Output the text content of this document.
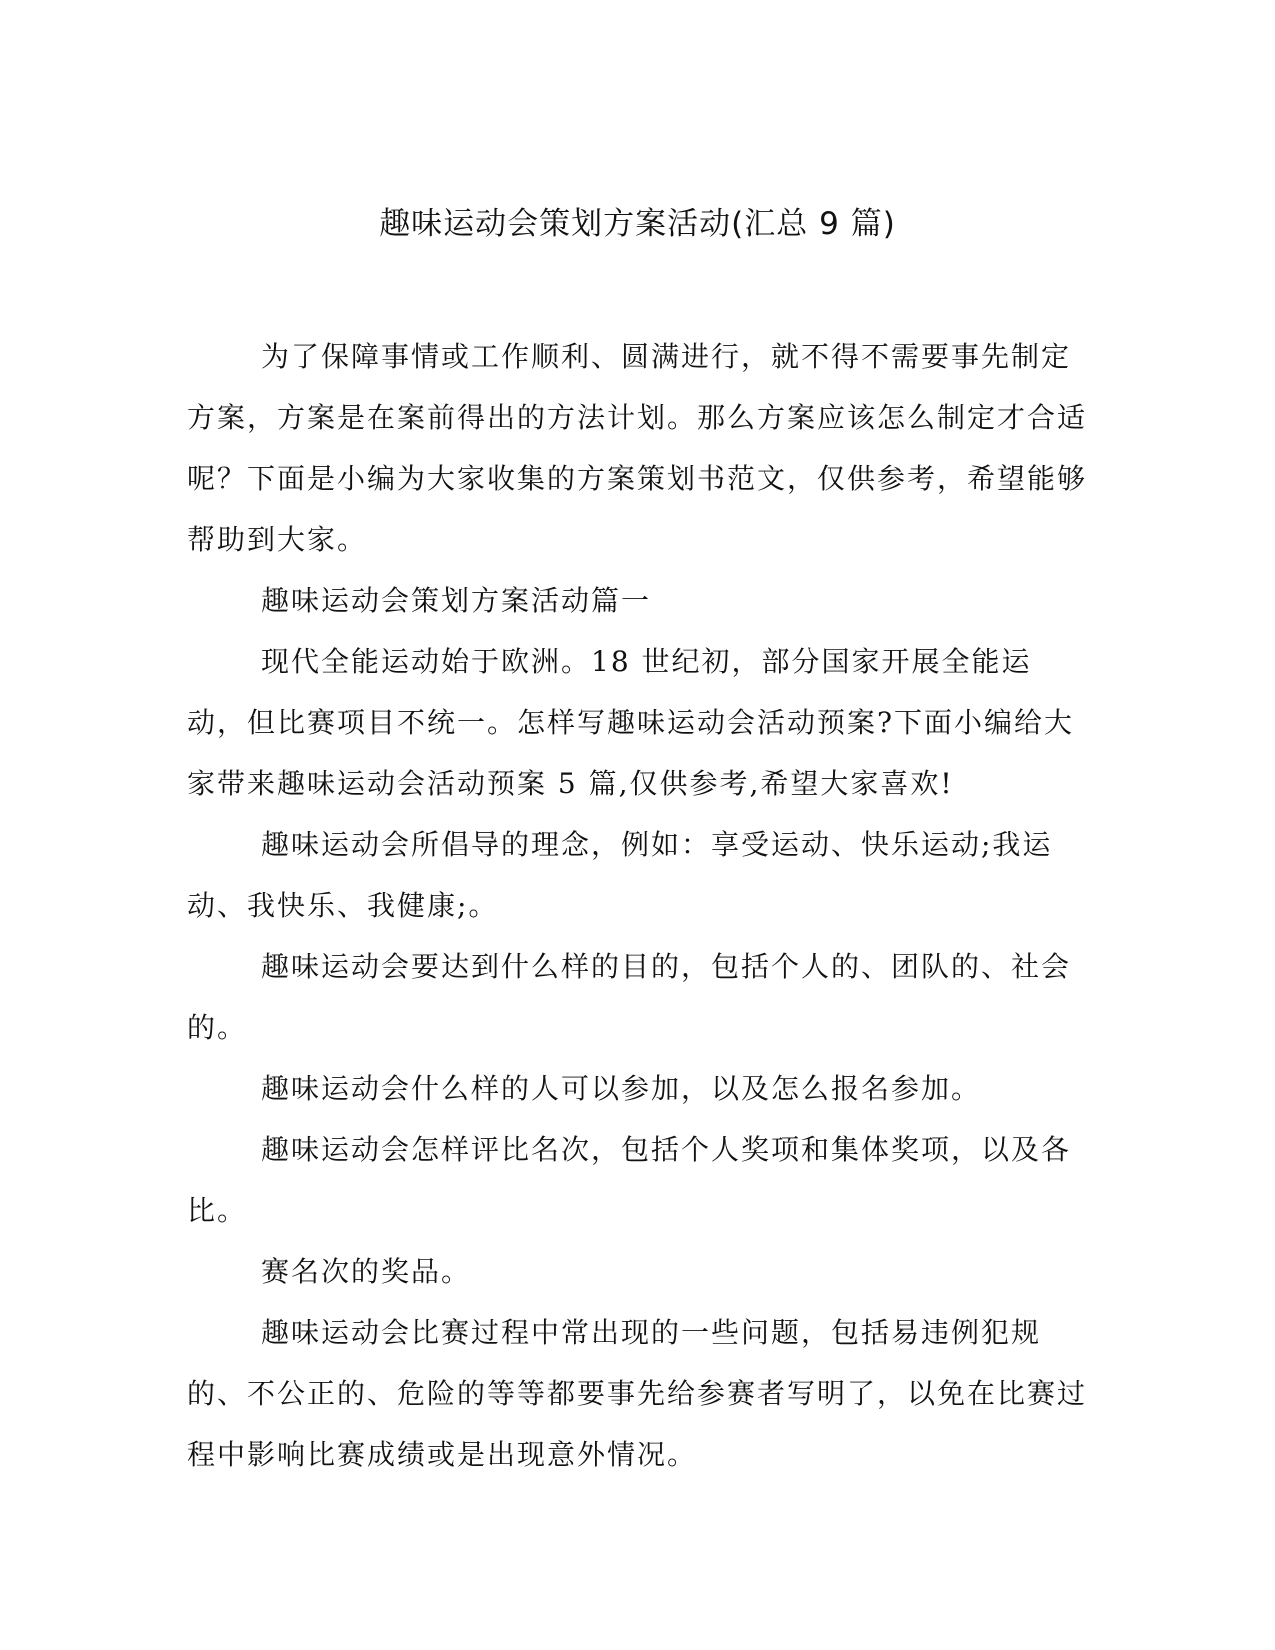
趣味运动会策划方案活动(汇总 9 篇)

为了保障事情或工作顺利、圆满进行，就不得不需要事先制定方案，方案是在案前得出的方法计划。那么方案应该怎么制定才合适呢？下面是小编为大家收集的方案策划书范文，仅供参考，希望能够帮助到大家。

趣味运动会策划方案活动篇一

现代全能运动始于欧洲。18 世纪初，部分国家开展全能运动，但比赛项目不统一。怎样写趣味运动会活动预案?下面小编给大家带来趣味运动会活动预案 5 篇,仅供参考,希望大家喜欢!

趣味运动会所倡导的理念，例如：享受运动、快乐运动;我运动、我快乐、我健康;。

趣味运动会要达到什么样的目的，包括个人的、团队的、社会的。

趣味运动会什么样的人可以参加，以及怎么报名参加。

趣味运动会怎样评比名次，包括个人奖项和集体奖项，以及各比。

赛名次的奖品。

趣味运动会比赛过程中常出现的一些问题，包括易违例犯规的、不公正的、危险的等等都要事先给参赛者写明了，以免在比赛过程中影响比赛成绩或是出现意外情况。
